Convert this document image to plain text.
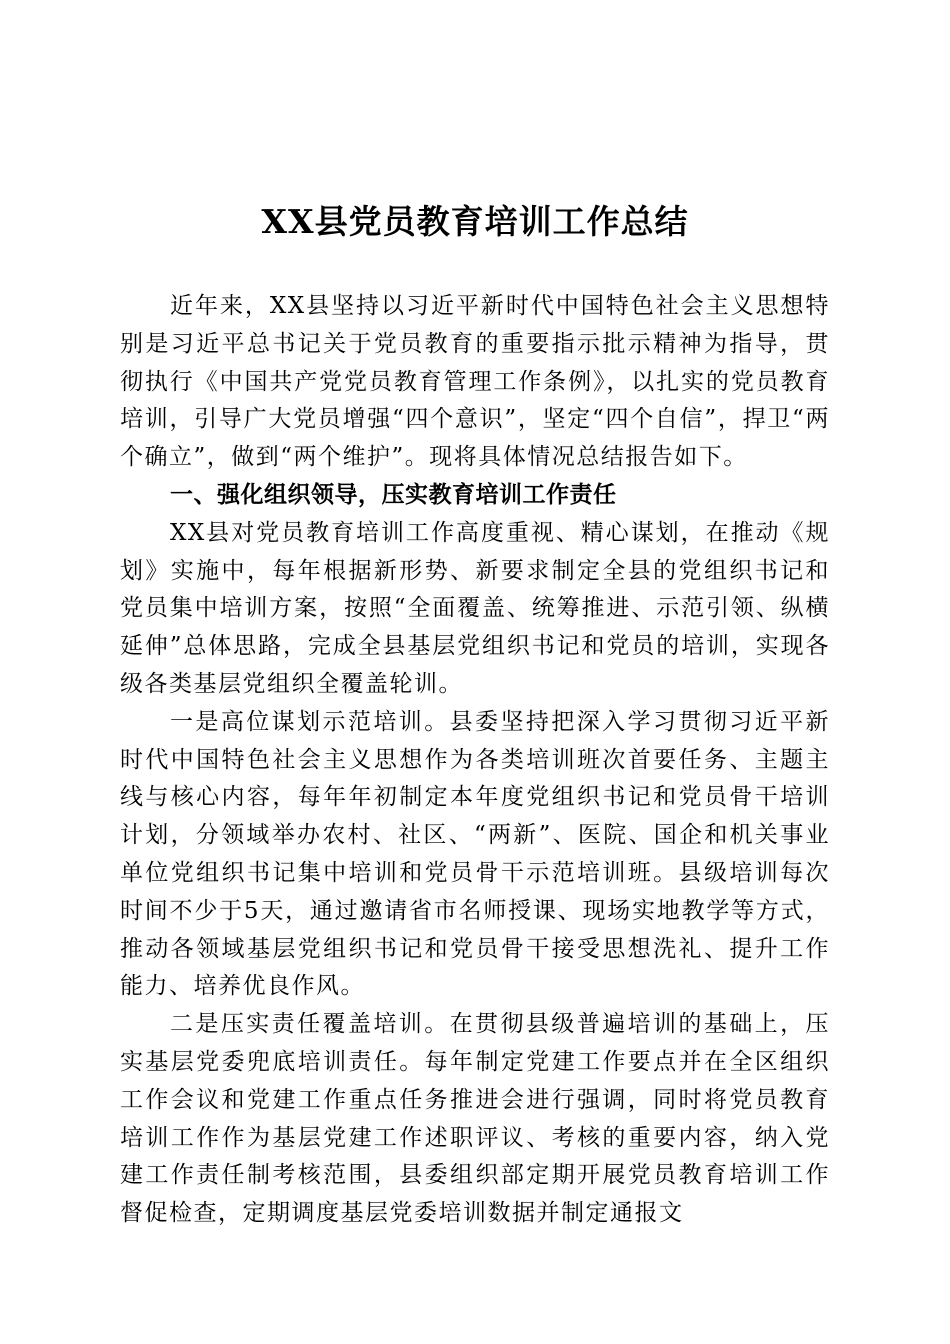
XX县党员教育培训工作总结

近年来，XX县坚持以习近平新时代中国特色社会主义思想特别是习近平总书记关于党员教育的重要指示批示精神为指导，贯彻执行《中国共产党党员教育管理工作条例》，以扎实的党员教育培训，引导广大党员增强“四个意识”，坚定“四个自信”，捍卫“两个确立”，做到“两个维护”。现将具体情况总结报告如下。

一、强化组织领导，压实教育培训工作责任

XX县对党员教育培训工作高度重视、精心谋划，在推动《规划》实施中，每年根据新形势、新要求制定全县的党组织书记和党员集中培训方案，按照“全面覆盖、统筹推进、示范引领、纵横延伸”总体思路，完成全县基层党组织书记和党员的培训，实现各级各类基层党组织全覆盖轮训。

一是高位谋划示范培训。县委坚持把深入学习贯彻习近平新时代中国特色社会主义思想作为各类培训班次首要任务、主题主线与核心内容，每年年初制定本年度党组织书记和党员骨干培训计划，分领域举办农村、社区、“两新”、医院、国企和机关事业单位党组织书记集中培训和党员骨干示范培训班。县级培训每次时间不少于5天，通过邀请省市名师授课、现场实地教学等方式，推动各领域基层党组织书记和党员骨干接受思想洗礼、提升工作能力、培养优良作风。

二是压实责任覆盖培训。在贯彻县级普遍培训的基础上，压实基层党委兜底培训责任。每年制定党建工作要点并在全区组织工作会议和党建工作重点任务推进会进行强调，同时将党员教育培训工作作为基层党建工作述职评议、考核的重要内容，纳入党建工作责任制考核范围，县委组织部定期开展党员教育培训工作督促检查，定期调度基层党委培训数据并制定通报文
